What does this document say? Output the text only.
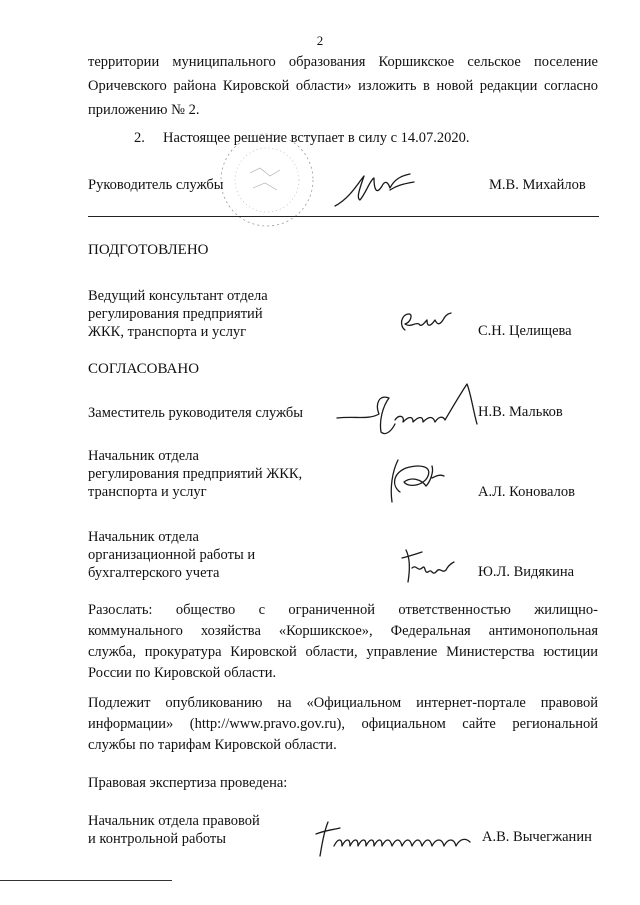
2
территории муниципального образования Коршикское сельское поселение
Оричевского района Кировской области» изложить в новой редакции согласно
приложению № 2.
2. Настоящее решение вступает в силу с 14.07.2020.
Руководитель службы	М.В. Михайлов
ПОДГОТОВЛЕНО
Ведущий консультант отдела
регулирования предприятий
ЖКК, транспорта и услуг	С.Н. Целищева
СОГЛАСОВАНО
Заместитель руководителя службы	Н.В. Мальков
Начальник отдела
регулирования предприятий ЖКК,
транспорта и услуг	А.Л. Коновалов
Начальник отдела
организационной работы и
бухгалтерского учета	Ю.Л. Видякина
Разослать: общество с ограниченной ответственностью жилищно-
коммунального хозяйства «Коршикское», Федеральная антимонопольная
служба, прокуратура Кировской области, управление Министерства юстиции
России по Кировской области.
Подлежит опубликованию на «Официальном интернет-портале правовой
информации» (http://www.pravo.gov.ru), официальном сайте региональной
службы по тарифам Кировской области.
Правовая экспертиза проведена:
Начальник отдела правовой
и контрольной работы	А.В. Вычегжанин
